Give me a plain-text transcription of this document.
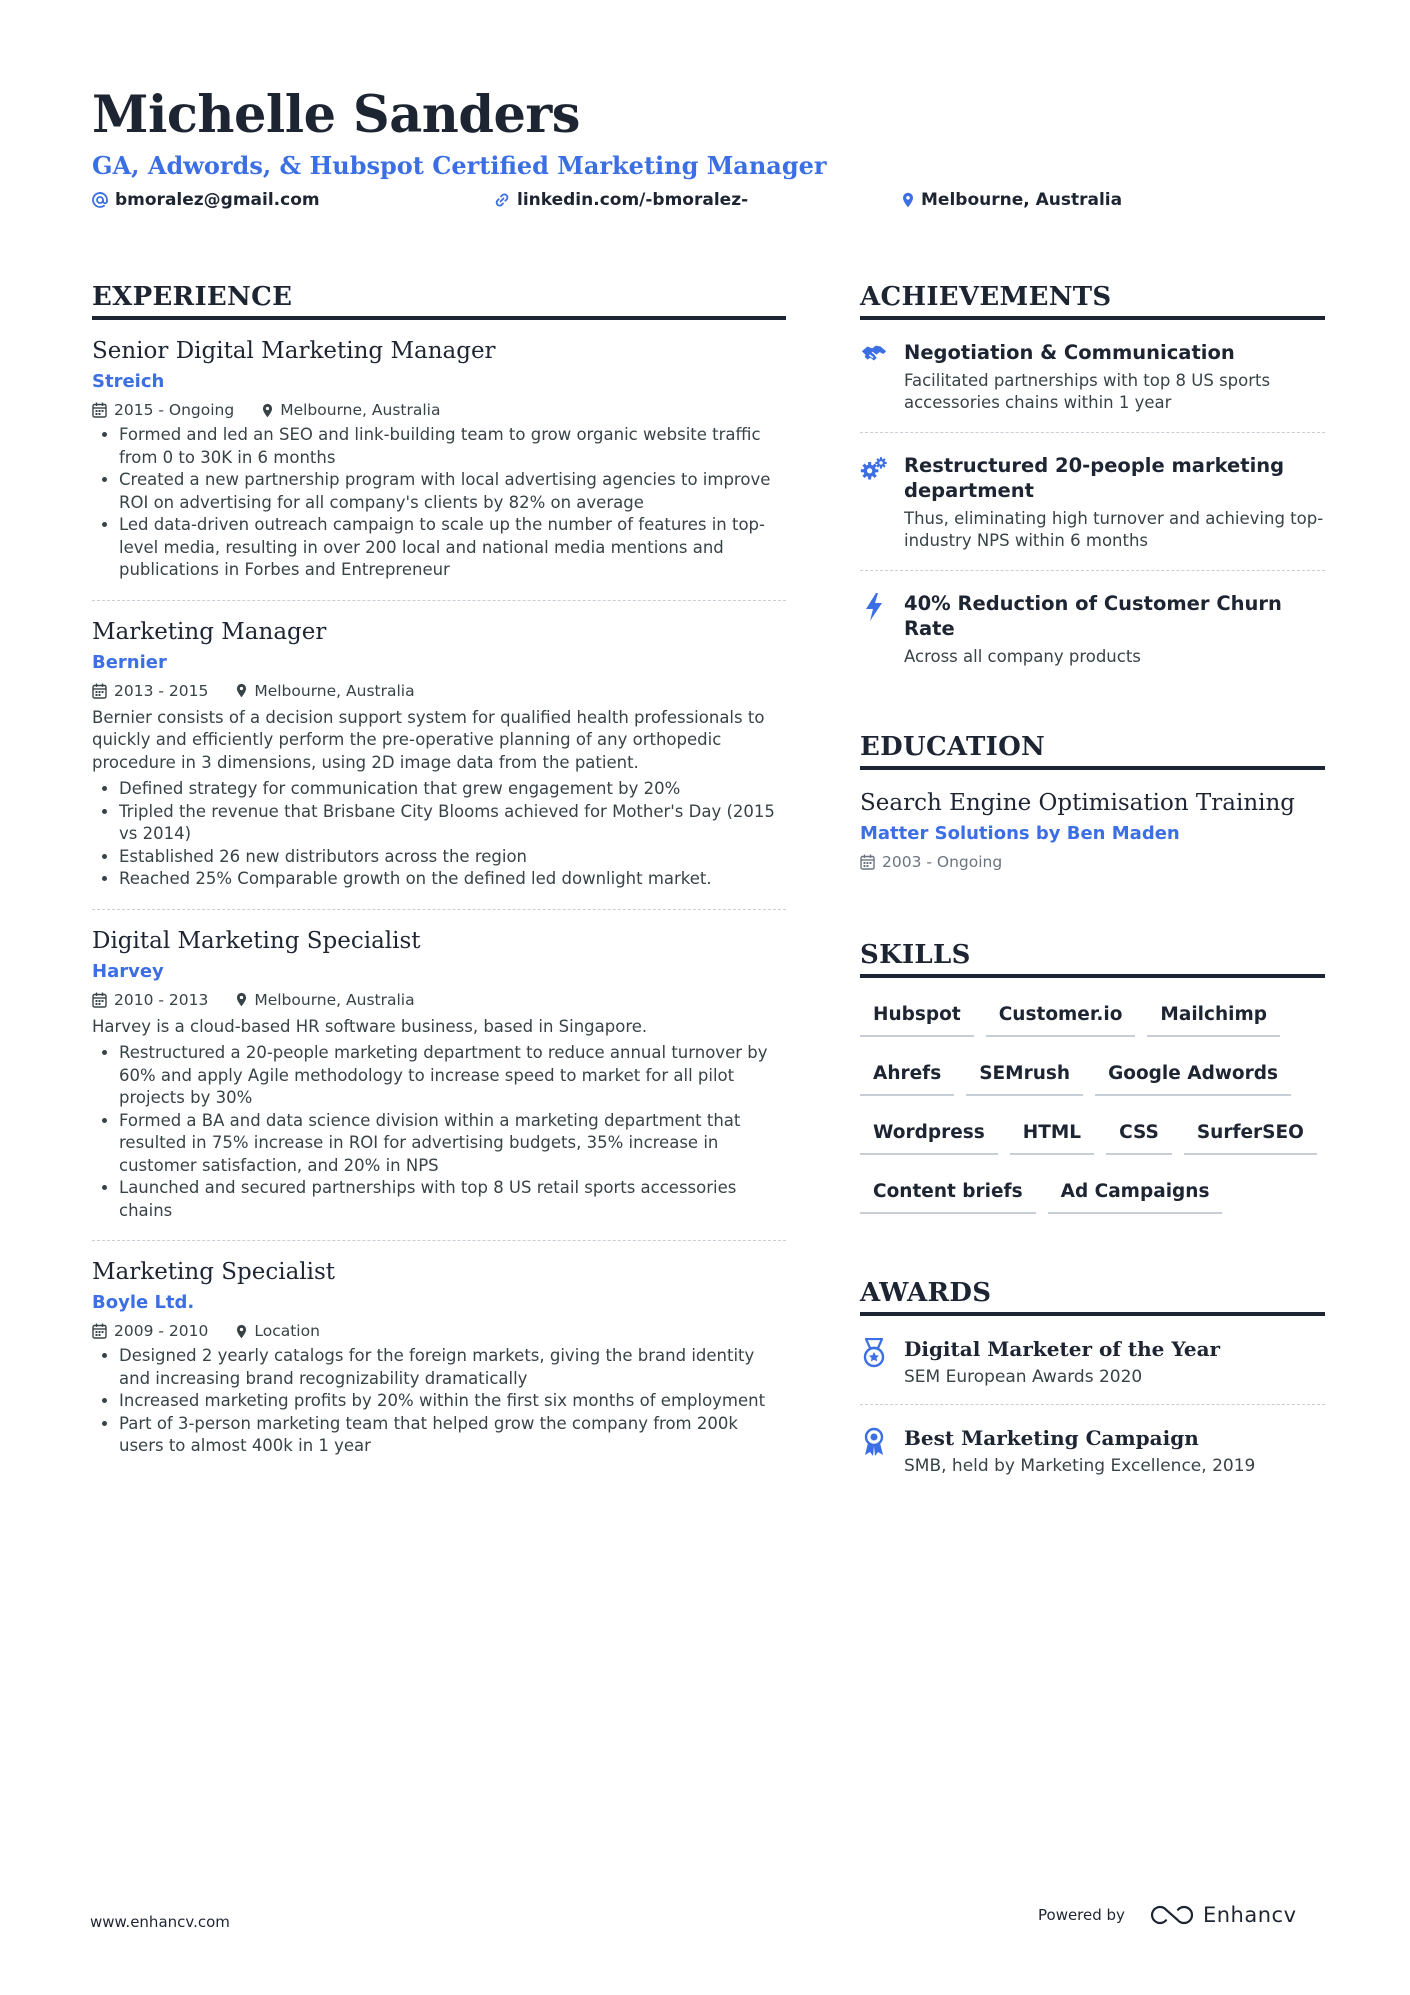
Michelle Sanders
GA, Adwords, & Hubspot Certified Marketing Manager
bmoralez@gmail.com	linkedin.com/-bmoralez-	Melbourne, Australia
EXPERIENCE
Senior Digital Marketing Manager
Streich
2015 - Ongoing	Melbourne, Australia
• Formed and led an SEO and link-building team to grow organic website traffic from 0 to 30K in 6 months
• Created a new partnership program with local advertising agencies to improve ROI on advertising for all company's clients by 82% on average
• Led data-driven outreach campaign to scale up the number of features in top-level media, resulting in over 200 local and national media mentions and publications in Forbes and Entrepreneur
Marketing Manager
Bernier
2013 - 2015	Melbourne, Australia
Bernier consists of a decision support system for qualified health professionals to quickly and efficiently perform the pre-operative planning of any orthopedic procedure in 3 dimensions, using 2D image data from the patient.
• Defined strategy for communication that grew engagement by 20%
• Tripled the revenue that Brisbane City Blooms achieved for Mother's Day (2015 vs 2014)
• Established 26 new distributors across the region
• Reached 25% Comparable growth on the defined led downlight market.
Digital Marketing Specialist
Harvey
2010 - 2013	Melbourne, Australia
Harvey is a cloud-based HR software business, based in Singapore.
• Restructured a 20-people marketing department to reduce annual turnover by 60% and apply Agile methodology to increase speed to market for all pilot projects by 30%
• Formed a BA and data science division within a marketing department that resulted in 75% increase in ROI for advertising budgets, 35% increase in customer satisfaction, and 20% in NPS
• Launched and secured partnerships with top 8 US retail sports accessories chains
Marketing Specialist
Boyle Ltd.
2009 - 2010	Location
• Designed 2 yearly catalogs for the foreign markets, giving the brand identity and increasing brand recognizability dramatically
• Increased marketing profits by 20% within the first six months of employment
• Part of 3-person marketing team that helped grow the company from 200k users to almost 400k in 1 year
ACHIEVEMENTS
Negotiation & Communication
Facilitated partnerships with top 8 US sports accessories chains within 1 year
Restructured 20-people marketing department
Thus, eliminating high turnover and achieving top-industry NPS within 6 months
40% Reduction of Customer Churn Rate
Across all company products
EDUCATION
Search Engine Optimisation Training
Matter Solutions by Ben Maden
2003 - Ongoing
SKILLS
Hubspot	Customer.io	Mailchimp
Ahrefs	SEMrush	Google Adwords
Wordpress	HTML	CSS	SurferSEO
Content briefs	Ad Campaigns
AWARDS
Digital Marketer of the Year
SEM European Awards 2020
Best Marketing Campaign
SMB, held by Marketing Excellence, 2019
www.enhancv.com	Powered by	Enhancv
